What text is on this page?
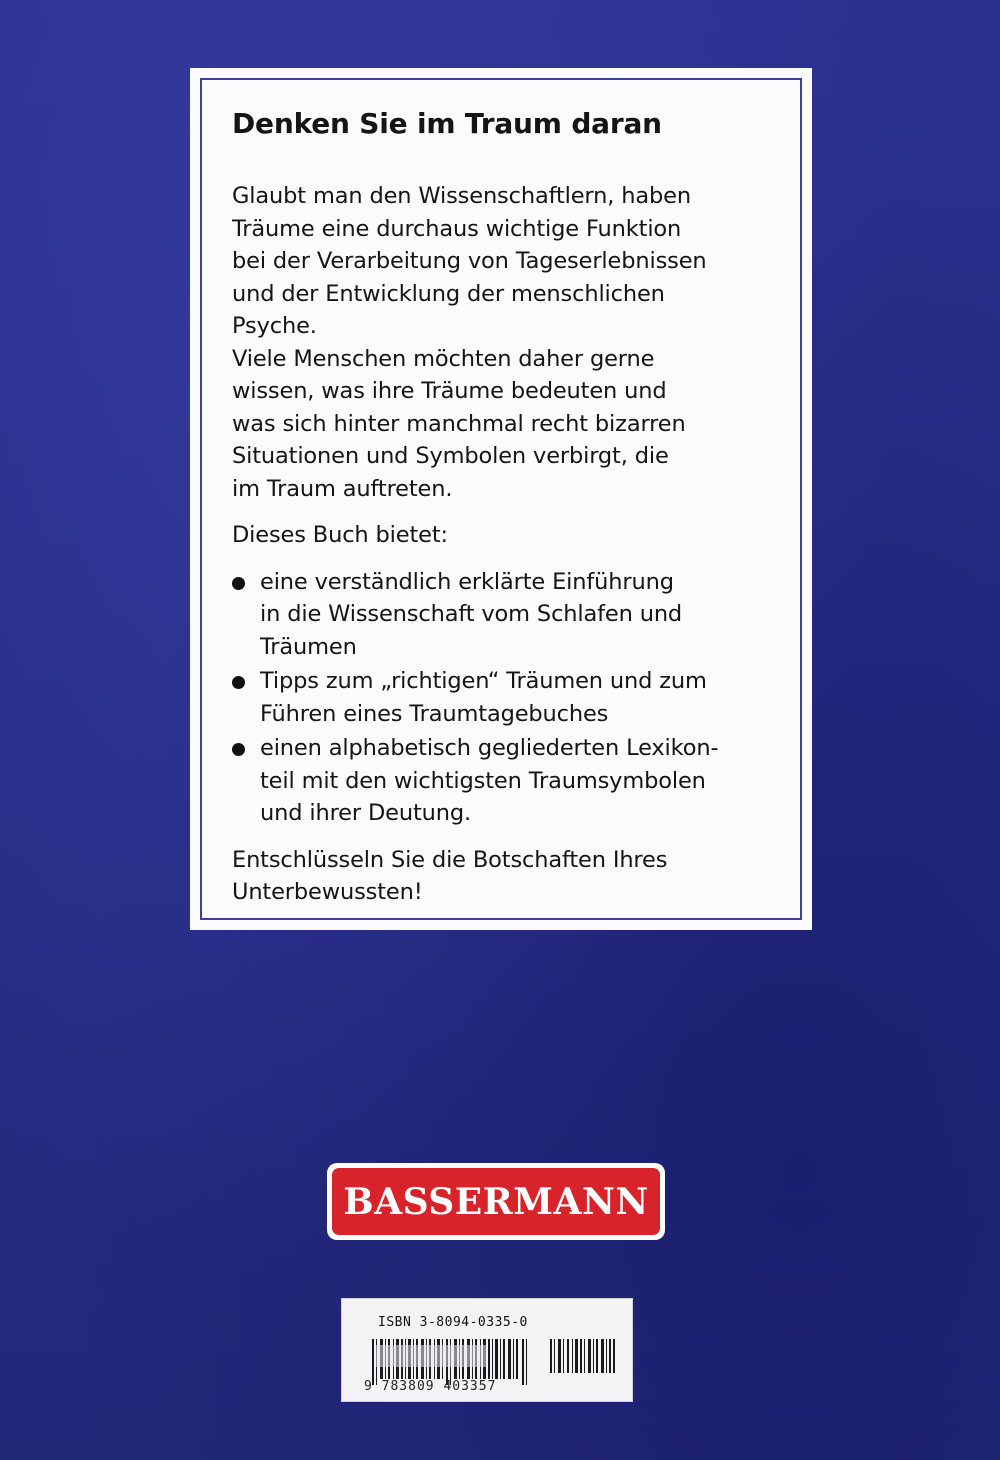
Denken Sie im Traum daran
Glaubt man den Wissenschaftlern, haben
Träume eine durchaus wichtige Funktion
bei der Verarbeitung von Tageserlebnissen
und der Entwicklung der menschlichen
Psyche.
Viele Menschen möchten daher gerne
wissen, was ihre Träume bedeuten und
was sich hinter manchmal recht bizarren
Situationen und Symbolen verbirgt, die
im Traum auftreten.
Dieses Buch bietet:
eine verständlich erklärte Einführung
in die Wissenschaft vom Schlafen und
Träumen
Tipps zum „richtigen“ Träumen und zum
Führen eines Traumtagebuches
einen alphabetisch gegliederten Lexikon-
teil mit den wichtigsten Traumsymbolen
und ihrer Deutung.
Entschlüsseln Sie die Botschaften Ihres
Unterbewussten!
BASSERMANN
ISBN 3-8094-0335-0
9 783809 403357
